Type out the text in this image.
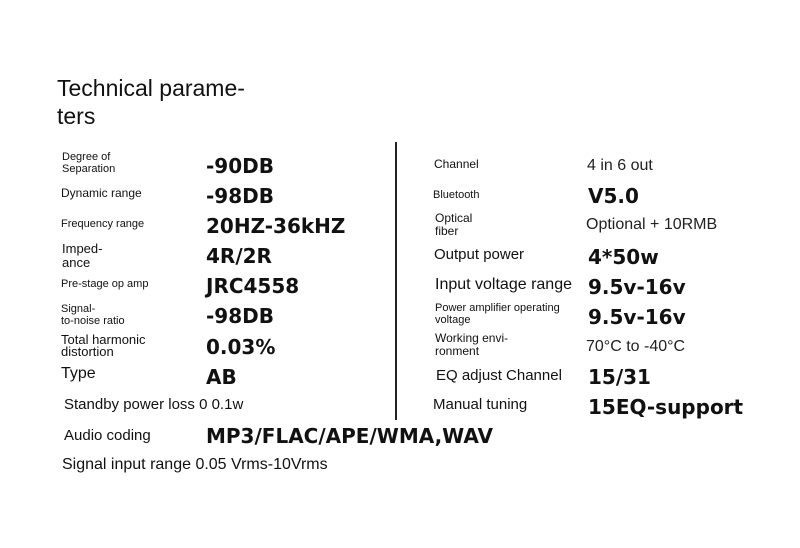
Technical parame-
ters
Degree of
Separation	-90DB
Dynamic range	-98DB
Frequency range	20HZ-36kHZ
Imped-
ance	4R/2R
Pre-stage op amp	JRC4558
Signal-
to-noise ratio	-98DB
Total harmonic
distortion	0.03%
Type	AB
Standby power loss 0 0.1w
Audio coding	MP3/FLAC/APE/WMA,WAV
Signal input range 0.05 Vrms-10Vrms
Channel	4 in 6 out
Bluetooth	V5.0
Optical
fiber	Optional + 10RMB
Output power	4*50w
Input voltage range 9.5v-16v
Power amplifier operating
voltage	9.5v-16v
Working envi-
ronment	70°C to -40°C
EQ adjust Channel 15/31
Manual tuning	15EQ-support
